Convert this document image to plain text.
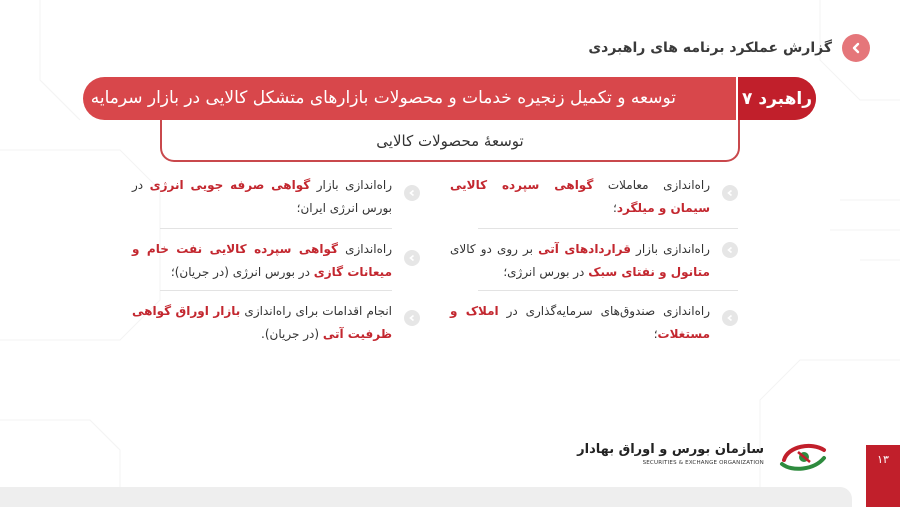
گزارش عملکرد برنامه های راهبردی
راهبرد ۷
توسعه و تکمیل زنجیره خدمات و محصولات بازارهای متشکل کالایی در بازار سرمایه
توسعهٔ محصولات کالایی
راه‌اندازی معاملات گواهی سپرده کالایی سیمان و میلگرد؛
راه‌اندازی بازار قراردادهای آتی بر روی دو کالای متانول و نفتای سبک در بورس انرژی؛
راه‌اندازی صندوق‌های سرمایه‌گذاری در املاک و مستغلات؛
راه‌اندازی بازار گواهی صرفه جویی انرژی در بورس انرژی ایران؛
راه‌اندازی گواهی سپرده کالایی نفت خام و میعانات گازی در بورس انرژی (در جریان)؛
انجام اقدامات برای راه‌اندازی بازار اوراق گواهی ظرفیت آتی (در جریان).
سازمان بورس و اوراق بهادار
SECURITIES & EXCHANGE ORGANIZATION	۱۳
